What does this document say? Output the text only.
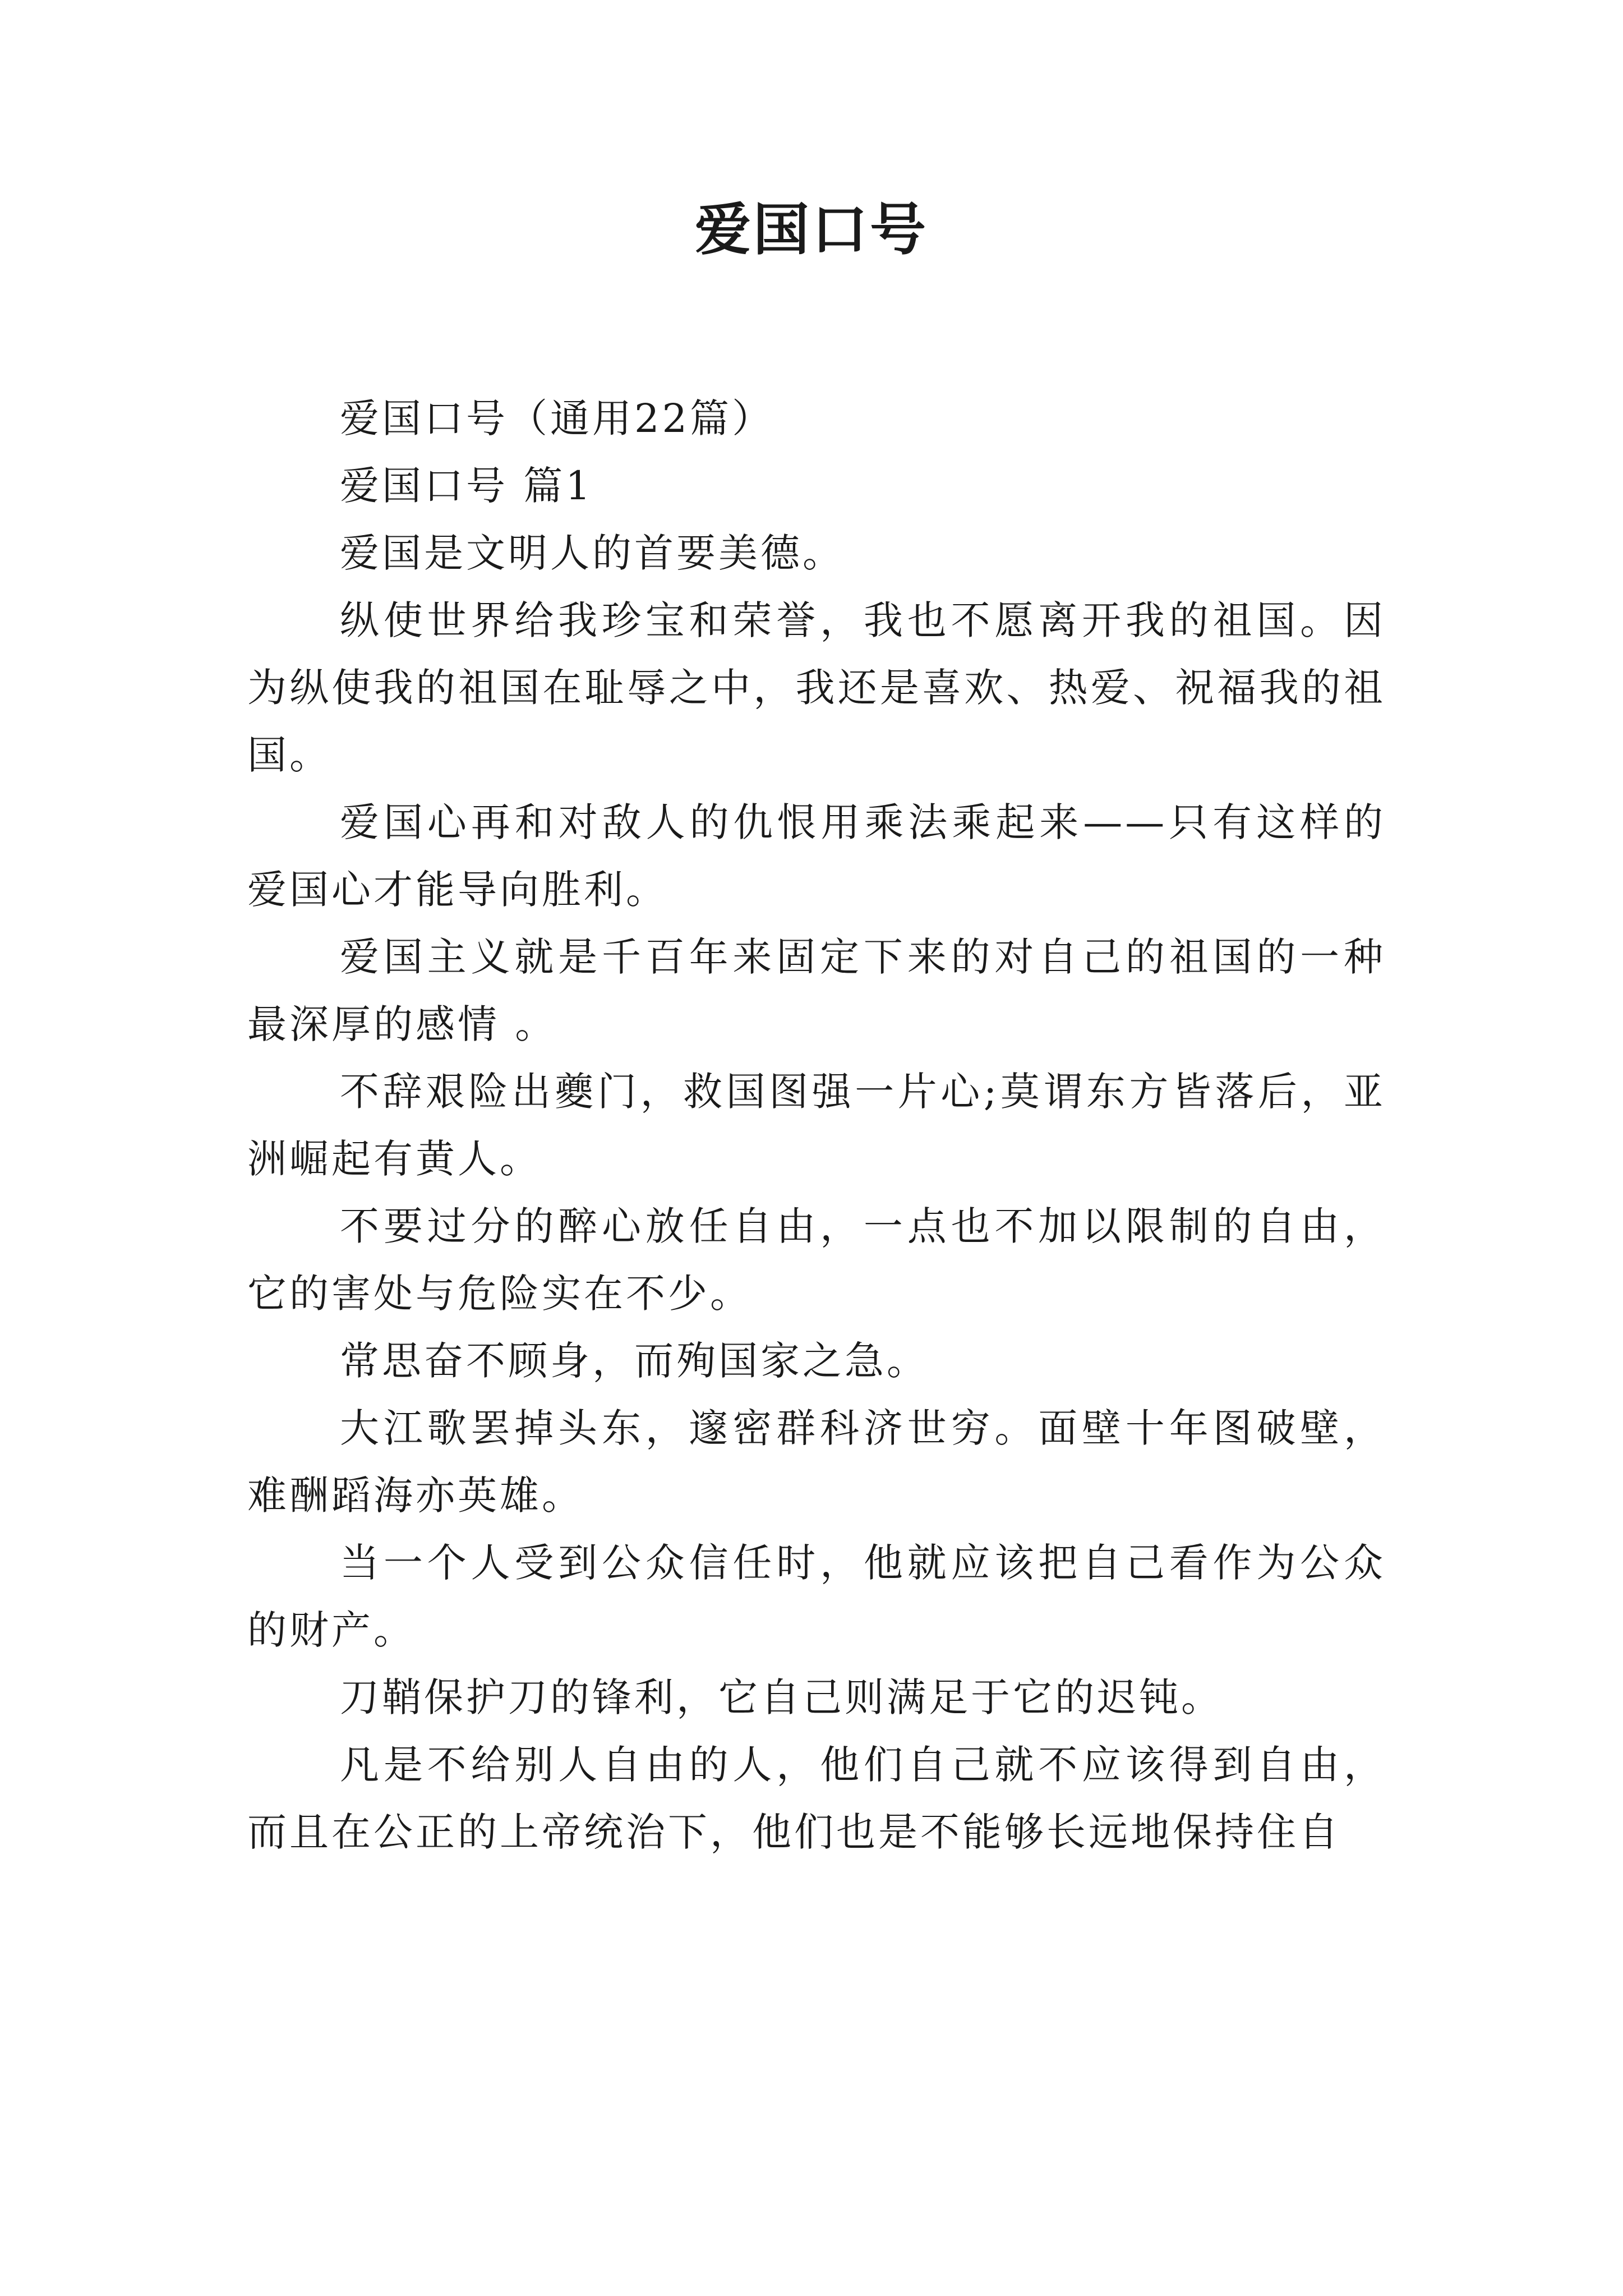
爱国口号

爱国口号（通用22篇）

爱国口号 篇1

爱国是文明人的首要美德。

纵使世界给我珍宝和荣誉，我也不愿离开我的祖国。因为纵使我的祖国在耻辱之中，我还是喜欢、热爱、祝福我的祖国。

爱国心再和对敌人的仇恨用乘法乘起来——只有这样的爱国心才能导向胜利。

爱国主义就是千百年来固定下来的对自己的祖国的一种最深厚的感情 。

不辞艰险出夔门，救国图强一片心;莫谓东方皆落后，亚洲崛起有黄人。

不要过分的醉心放任自由，一点也不加以限制的自由，它的害处与危险实在不少。

常思奋不顾身，而殉国家之急。

大江歌罢掉头东，邃密群科济世穷。面壁十年图破壁，难酬蹈海亦英雄。

当一个人受到公众信任时，他就应该把自己看作为公众的财产。

刀鞘保护刀的锋利，它自己则满足于它的迟钝。

凡是不给别人自由的人，他们自己就不应该得到自由，而且在公正的上帝统治下，他们也是不能够长远地保持住自
